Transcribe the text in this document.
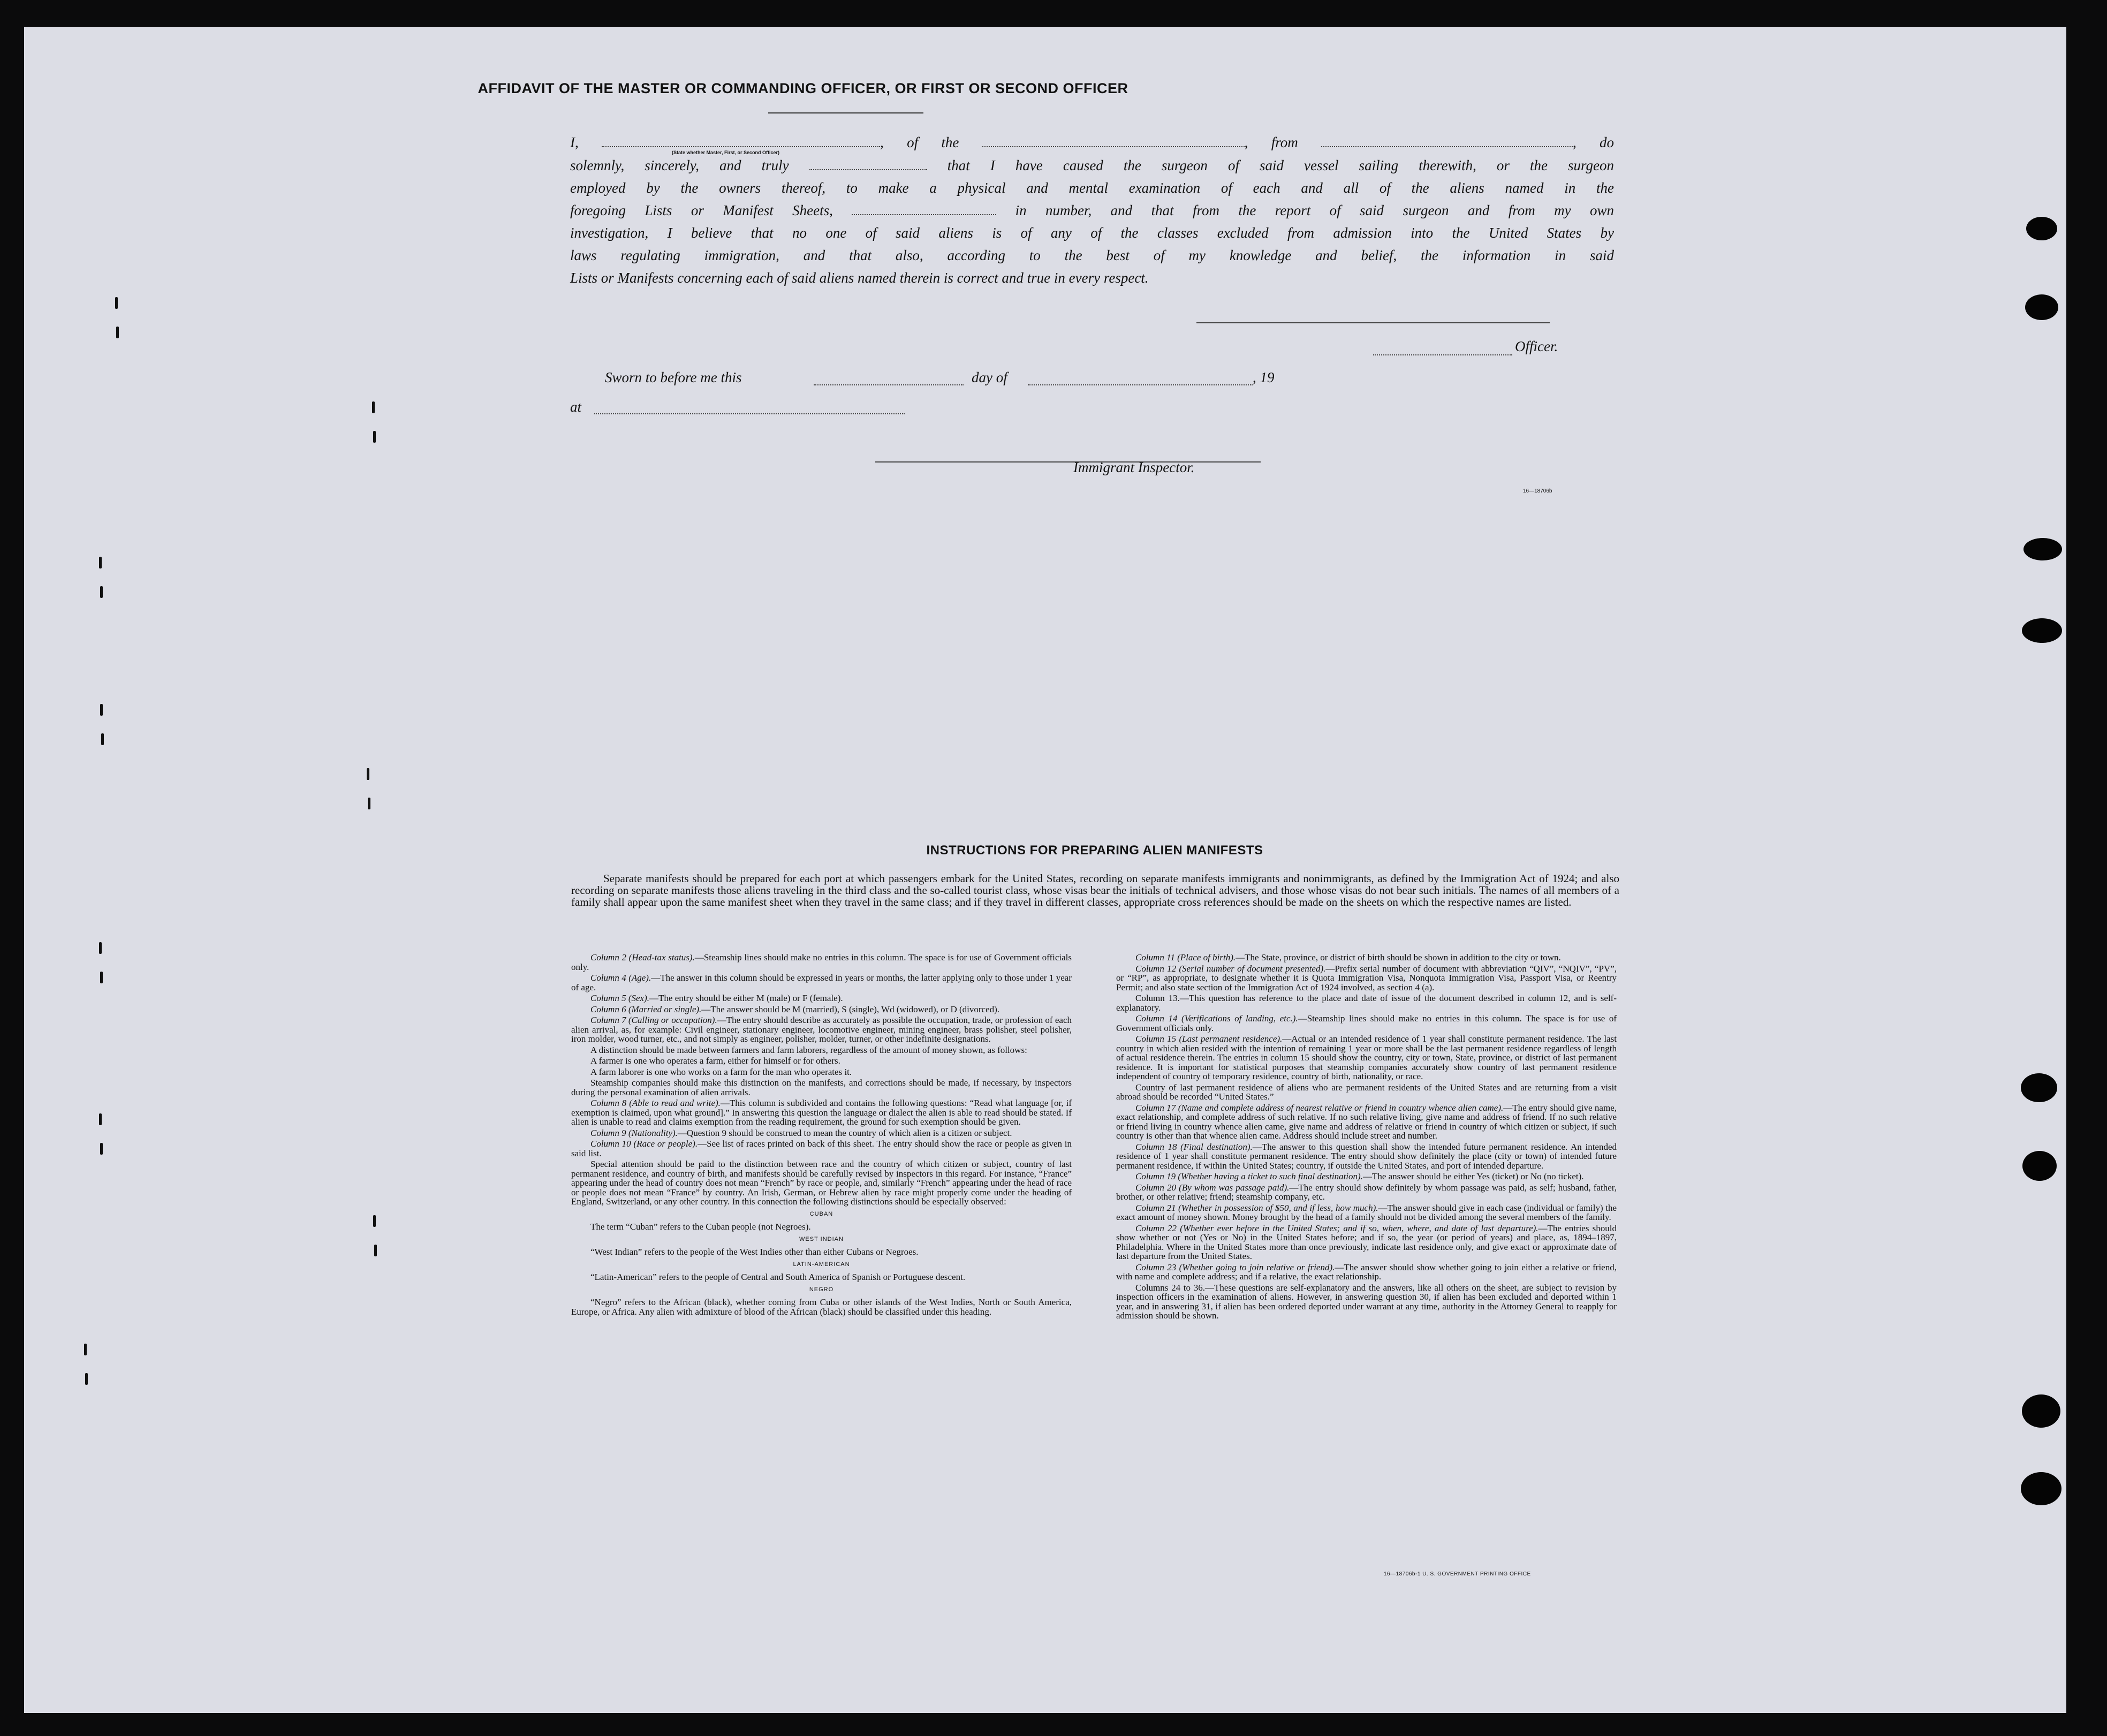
AFFIDAVIT OF THE MASTER OR COMMANDING OFFICER, OR FIRST OR SECOND OFFICER
I,	, of the	, from	, do
(State whether Master, First, or Second Officer)
solemnly, sincerely, and truly	that I have caused the surgeon of said vessel sailing therewith, or the surgeon
employed by the owners thereof, to make a physical and mental examination of each and all of the aliens named in the
foregoing Lists or Manifest Sheets,	in number, and that from the report of said surgeon and from my own
investigation, I believe that no one of said aliens is of any of the classes excluded from admission into the United States by
laws regulating immigration, and that also, according to the best of my knowledge and belief, the information in said
Lists or Manifests concerning each of said aliens named therein is correct and true in every respect.
Officer.
Sworn to before me this	day of	, 19
at
Immigrant Inspector.
16—18706b
INSTRUCTIONS FOR PREPARING ALIEN MANIFESTS

Separate manifests should be prepared for each port at which passengers embark for the United States, recording on separate manifests immigrants and nonimmigrants, as defined by the Immigration Act of 1924; and also recording on separate manifests those aliens traveling in the third class and the so-called tourist class, whose visas bear the initials of technical advisers, and those whose visas do not bear such initials. The names of all members of a family shall appear upon the same manifest sheet when they travel in the same class; and if they travel in different classes, appropriate cross references should be made on the sheets on which the respective names are listed.

Column 2 (Head-tax status).—Steamship lines should make no entries in this column. The space is for use of Government officials only.

Column 4 (Age).—The answer in this column should be expressed in years or months, the latter applying only to those under 1 year of age.

Column 5 (Sex).—The entry should be either M (male) or F (female).

Column 6 (Married or single).—The answer should be M (married), S (single), Wd (widowed), or D (divorced).

Column 7 (Calling or occupation).—The entry should describe as accurately as possible the occupation, trade, or profession of each alien arrival, as, for example: Civil engineer, stationary engineer, locomotive engineer, mining engineer, brass polisher, steel polisher, iron molder, wood turner, etc., and not simply as engineer, polisher, molder, turner, or other indefinite designations.

A distinction should be made between farmers and farm laborers, regardless of the amount of money shown, as follows:

A farmer is one who operates a farm, either for himself or for others.

A farm laborer is one who works on a farm for the man who operates it.

Steamship companies should make this distinction on the manifests, and corrections should be made, if necessary, by inspectors during the personal examination of alien arrivals.

Column 8 (Able to read and write).—This column is subdivided and contains the following questions: “Read what language [or, if exemption is claimed, upon what ground].” In answering this question the language or dialect the alien is able to read should be stated. If alien is unable to read and claims exemption from the reading requirement, the ground for such exemption should be given.

Column 9 (Nationality).—Question 9 should be construed to mean the country of which alien is a citizen or subject.

Column 10 (Race or people).—See list of races printed on back of this sheet. The entry should show the race or people as given in said list.

Special attention should be paid to the distinction between race and the country of which citizen or subject, country of last permanent residence, and country of birth, and manifests should be carefully revised by inspectors in this regard. For instance, “France” appearing under the head of country does not mean “French” by race or people, and, similarly “French” appearing under the head of race or people does not mean “France” by country. An Irish, German, or Hebrew alien by race might properly come under the heading of England, Switzerland, or any other country. In this connection the following distinctions should be especially observed:

CUBAN

The term “Cuban” refers to the Cuban people (not Negroes).

WEST INDIAN

“West Indian” refers to the people of the West Indies other than either Cubans or Negroes.

LATIN-AMERICAN

“Latin-American” refers to the people of Central and South America of Spanish or Portuguese descent.

NEGRO

“Negro” refers to the African (black), whether coming from Cuba or other islands of the West Indies, North or South America, Europe, or Africa. Any alien with admixture of blood of the African (black) should be classified under this heading.

Column 11 (Place of birth).—The State, province, or district of birth should be shown in addition to the city or town.

Column 12 (Serial number of document presented).—Prefix serial number of document with abbreviation “QIV”, “NQIV”, “PV”, or “RP”, as appropriate, to designate whether it is Quota Immigration Visa, Nonquota Immigration Visa, Passport Visa, or Reentry Permit; and also state section of the Immigration Act of 1924 involved, as section 4 (a).

Column 13.—This question has reference to the place and date of issue of the document described in column 12, and is self-explanatory.

Column 14 (Verifications of landing, etc.).—Steamship lines should make no entries in this column. The space is for use of Government officials only.

Column 15 (Last permanent residence).—Actual or an intended residence of 1 year shall constitute permanent residence. The last country in which alien resided with the intention of remaining 1 year or more shall be the last permanent residence regardless of length of actual residence therein. The entries in column 15 should show the country, city or town, State, province, or district of last permanent residence. It is important for statistical purposes that steamship companies accurately show country of last permanent residence independent of country of temporary residence, country of birth, nationality, or race.

Country of last permanent residence of aliens who are permanent residents of the United States and are returning from a visit abroad should be recorded “United States.”

Column 17 (Name and complete address of nearest relative or friend in country whence alien came).—The entry should give name, exact relationship, and complete address of such relative. If no such relative living, give name and address of friend. If no such relative or friend living in country whence alien came, give name and address of relative or friend in country of which citizen or subject, if such country is other than that whence alien came. Address should include street and number.

Column 18 (Final destination).—The answer to this question shall show the intended future permanent residence. An intended residence of 1 year shall constitute permanent residence. The entry should show definitely the place (city or town) of intended future permanent residence, if within the United States; country, if outside the United States, and port of intended departure.

Column 19 (Whether having a ticket to such final destination).—The answer should be either Yes (ticket) or No (no ticket).

Column 20 (By whom was passage paid).—The entry should show definitely by whom passage was paid, as self; husband, father, brother, or other relative; friend; steamship company, etc.

Column 21 (Whether in possession of $50, and if less, how much).—The answer should give in each case (individual or family) the exact amount of money shown. Money brought by the head of a family should not be divided among the several members of the family.

Column 22 (Whether ever before in the United States; and if so, when, where, and date of last departure).—The entries should show whether or not (Yes or No) in the United States before; and if so, the year (or period of years) and place, as, 1894–1897, Philadelphia. Where in the United States more than once previously, indicate last residence only, and give exact or approximate date of last departure from the United States.

Column 23 (Whether going to join relative or friend).—The answer should show whether going to join either a relative or friend, with name and complete address; and if a relative, the exact relationship.

Columns 24 to 36.—These questions are self-explanatory and the answers, like all others on the sheet, are subject to revision by inspection officers in the examination of aliens. However, in answering question 30, if alien has been excluded and deported within 1 year, and in answering 31, if alien has been ordered deported under warrant at any time, authority in the Attorney General to reapply for admission should be shown.

16—18706b-1 U. S. GOVERNMENT PRINTING OFFICE
